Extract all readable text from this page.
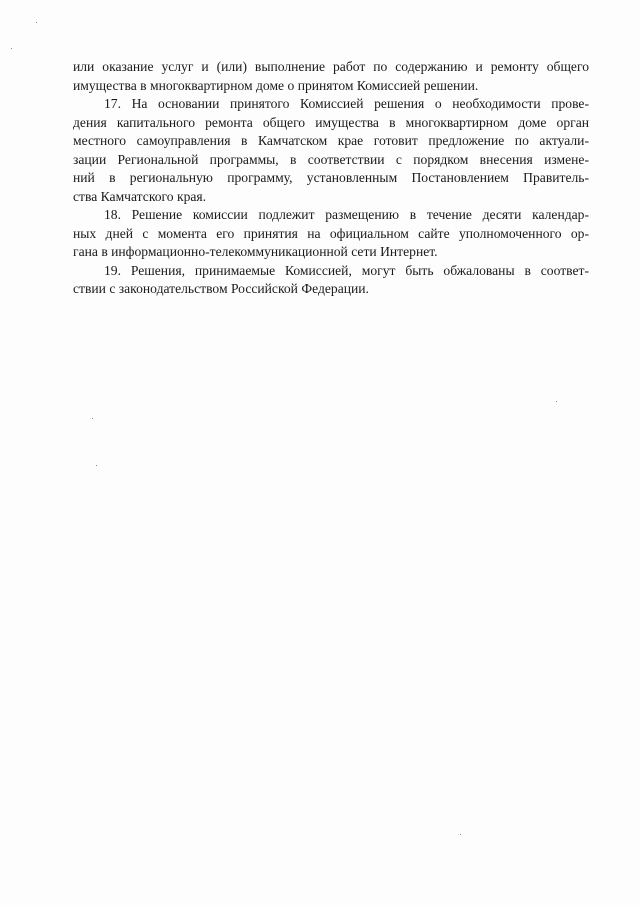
или оказание услуг и (или) выполнение работ по содержанию и ремонту общего
имущества в многоквартирном доме о принятом Комиссией решении.
17. На основании принятого Комиссией решения о необходимости прове-
дения капитального ремонта общего имущества в многоквартирном доме орган
местного самоуправления в Камчатском крае готовит предложение по актуали-
зации Региональной программы, в соответствии с порядком внесения измене-
ний в региональную программу, установленным Постановлением Правитель-
ства Камчатского края.
18. Решение комиссии подлежит размещению в течение десяти календар-
ных дней с момента его принятия на официальном сайте уполномоченного ор-
гана в информационно-телекоммуникационной сети Интернет.
19. Решения, принимаемые Комиссией, могут быть обжалованы в соответ-
ствии с законодательством Российской Федерации.
